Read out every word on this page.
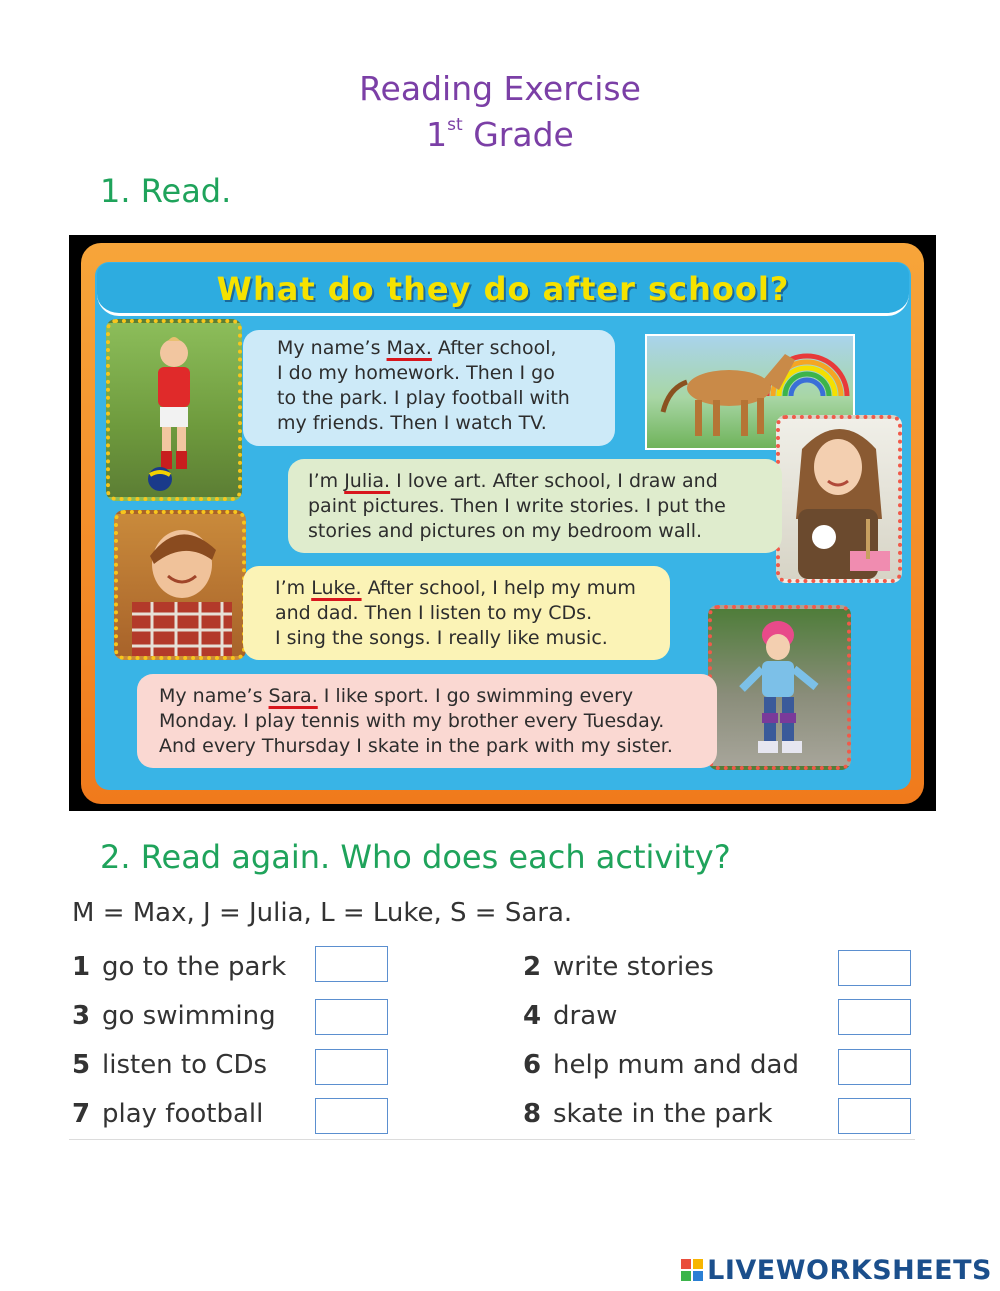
Reading Exercise
1st Grade
1. Read.
What do they do after school?
My name’s Max. After school,
I do my homework. Then I go
to the park. I play football with
my friends. Then I watch TV.
I’m Julia. I love art. After school, I draw and
paint pictures. Then I write stories. I put the
stories and pictures on my bedroom wall.
I’m Luke. After school, I help my mum
and dad. Then I listen to my CDs.
I sing the songs. I really like music.
My name’s Sara. I like sport. I go swimming every
Monday. I play tennis with my brother every Tuesday.
And every Thursday I skate in the park with my sister.
2. Read again. Who does each activity?
M = Max, J = Julia, L = Luke, S = Sara.
1 go to the park
3 go swimming
5 listen to CDs
7 play football
2 write stories
4 draw
6 help mum and dad
8 skate in the park
LIVEWORKSHEETS
